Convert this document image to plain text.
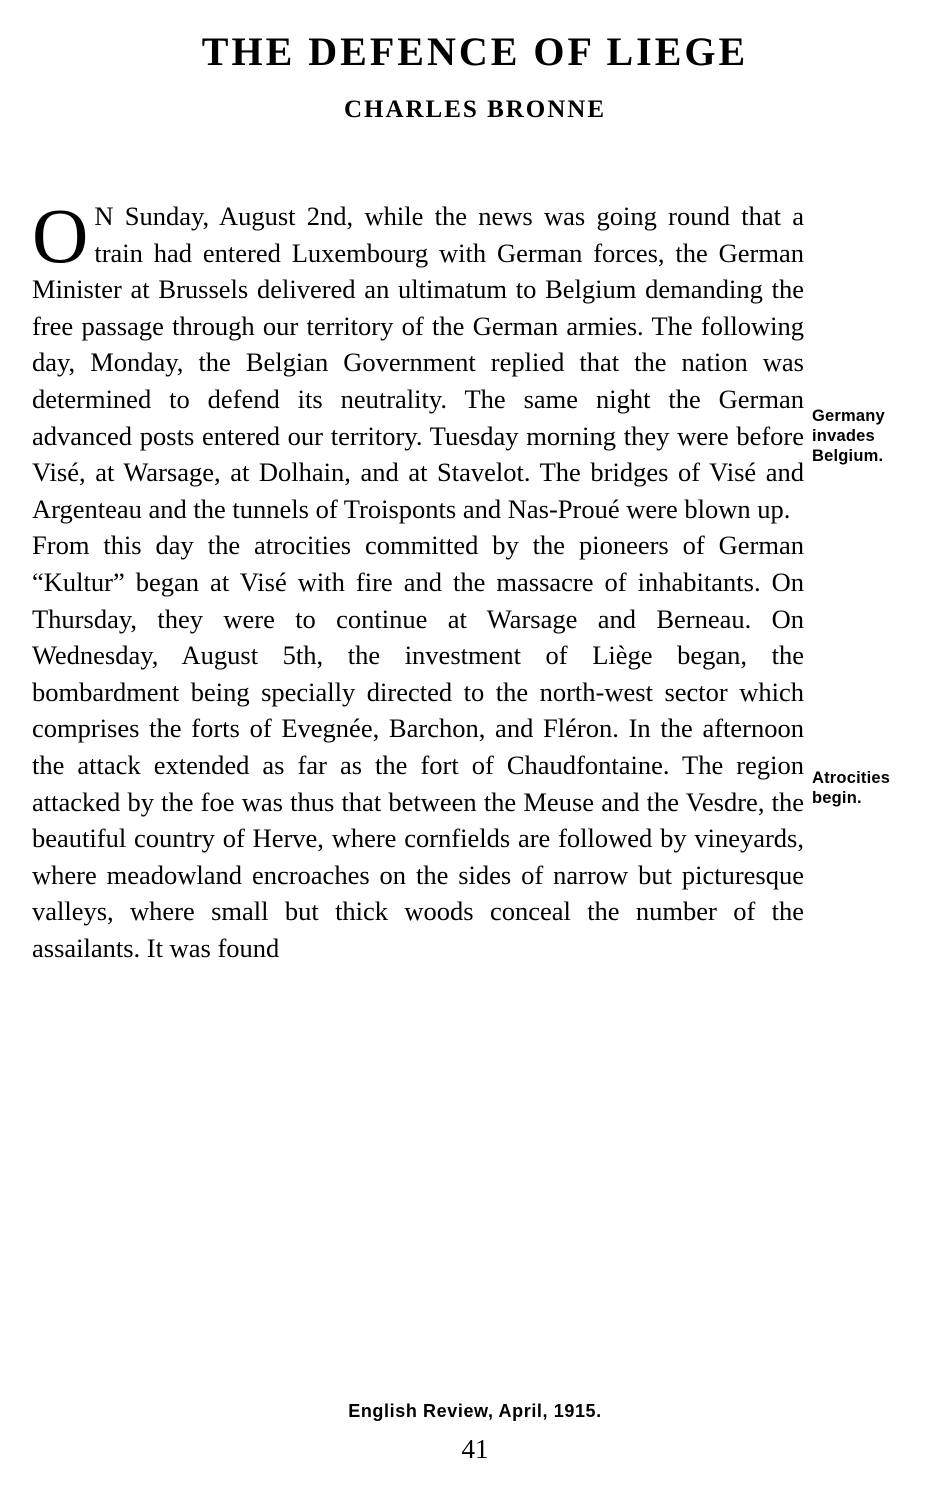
THE DEFENCE OF LIEGE
CHARLES BRONNE

O N Sunday, August 2nd, while the news was going round that a train had entered Luxembourg with German forces, the German Minister at Brussels delivered an ultimatum to Belgium demanding the free passage through our territory of the German armies. The following day, Monday, the Belgian Government replied that the nation was determined to defend its neutrality. The same night the German advanced posts entered our territory. Tuesday morning they were before Visé, at Warsage, at Dolhain, and at Stavelot. The bridges of Visé and Argenteau and the tunnels of Troisponts and Nas-Proué were blown up.

From this day the atrocities committed by the pioneers of German “Kultur” began at Visé with fire and the massacre of inhabitants. On Thursday, they were to continue at Warsage and Berneau. On Wednesday, August 5th, the investment of Liège began, the bombardment being specially directed to the north-west sector which comprises the forts of Evegnée, Barchon, and Fléron. In the afternoon the attack extended as far as the fort of Chaudfontaine. The region attacked by the foe was thus that between the Meuse and the Vesdre, the beautiful country of Herve, where cornfields are followed by vineyards, where meadowland encroaches on the sides of narrow but picturesque valleys, where small but thick woods conceal the number of the assailants. It was found

Germany invades Belgium.
Atrocities begin.
English Review, April, 1915.
41
